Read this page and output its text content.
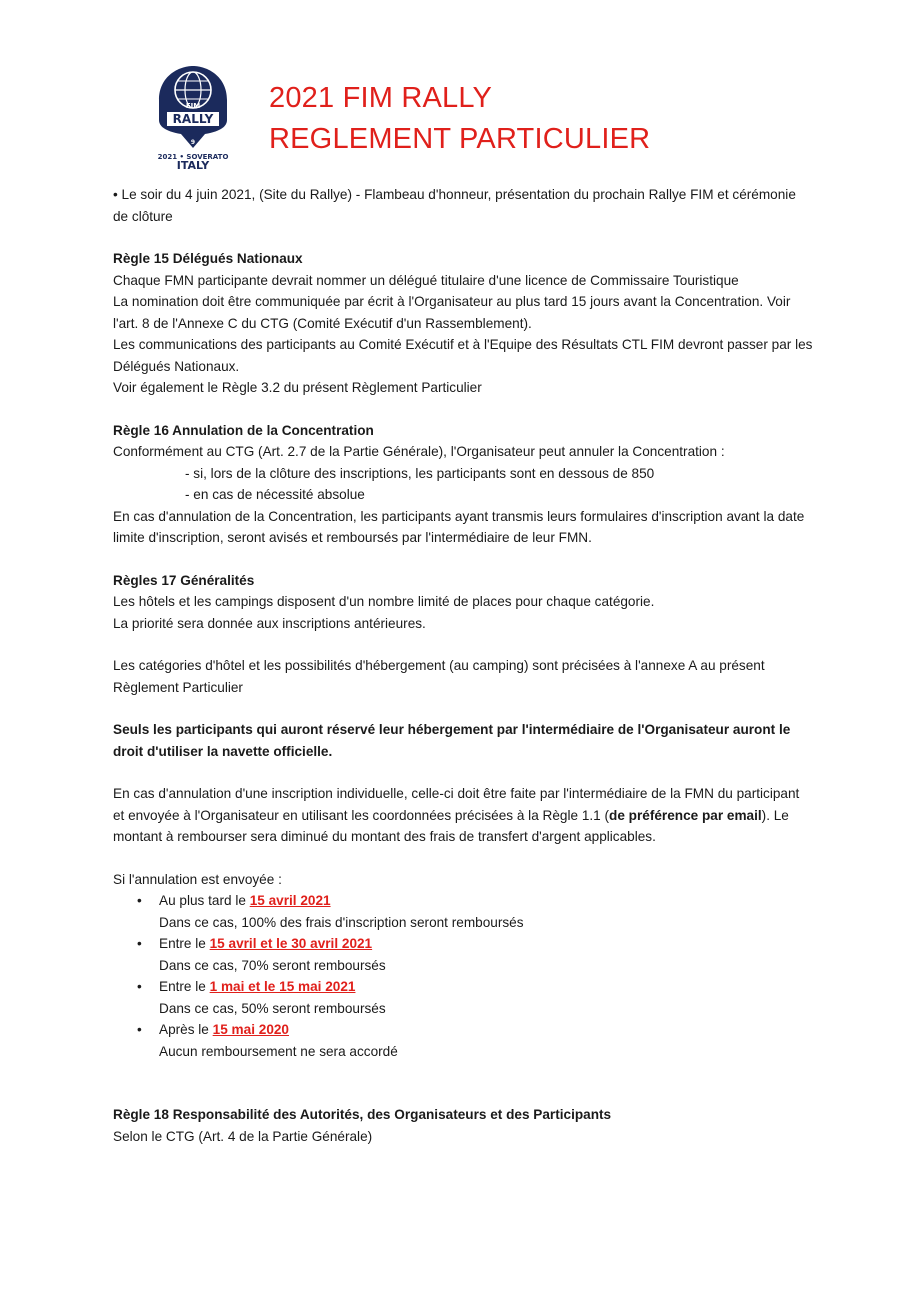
FIM
RALLY
9
2021 • SOVERATO
ITALY
2021 FIM RALLY
REGLEMENT PARTICULIER

• Le soir du 4 juin 2021, (Site du Rallye) - Flambeau d'honneur, présentation du prochain Rallye FIM et cérémonie de clôture

Règle 15 Délégués Nationaux

Chaque FMN participante devrait nommer un délégué titulaire d'une licence de Commissaire Touristique

La nomination doit être communiquée par écrit à l'Organisateur au plus tard 15 jours avant la Concentration. Voir l'art. 8 de l'Annexe C du CTG (Comité Exécutif d'un Rassemblement).

Les communications des participants au Comité Exécutif et à l'Equipe des Résultats CTL FIM devront passer par les Délégués Nationaux.

Voir également le Règle 3.2 du présent Règlement Particulier

Règle 16 Annulation de la Concentration

Conformément au CTG (Art. 2.7 de la Partie Générale), l'Organisateur peut annuler la Concentration :

- si, lors de la clôture des inscriptions, les participants sont en dessous de 850

- en cas de nécessité absolue

En cas d'annulation de la Concentration, les participants ayant transmis leurs formulaires d'inscription avant la date limite d'inscription, seront avisés et remboursés par l'intermédiaire de leur FMN.

Règles 17 Généralités

Les hôtels et les campings disposent d'un nombre limité de places pour chaque catégorie.

La priorité sera donnée aux inscriptions antérieures.

Les catégories d'hôtel et les possibilités d'hébergement (au camping) sont précisées à l'annexe A au présent Règlement Particulier

Seuls les participants qui auront réservé leur hébergement par l'intermédiaire de l'Organisateur auront le droit d'utiliser la navette officielle.

En cas d'annulation d'une inscription individuelle, celle-ci doit être faite par l'intermédiaire de la FMN du participant et envoyée à l'Organisateur en utilisant les coordonnées précisées à la Règle 1.1 (de préférence par email). Le montant à rembourser sera diminué du montant des frais de transfert d'argent applicables.

Si l'annulation est envoyée :

• Au plus tard le 15 avril 2021
Dans ce cas, 100% des frais d'inscription seront remboursés
• Entre le 15 avril et le 30 avril 2021
Dans ce cas, 70% seront remboursés
• Entre le 1 mai et le 15 mai 2021
Dans ce cas, 50% seront remboursés
• Après le 15 mai 2020
Aucun remboursement ne sera accordé

Règle 18 Responsabilité des Autorités, des Organisateurs et des Participants

Selon le CTG (Art. 4 de la Partie Générale)
